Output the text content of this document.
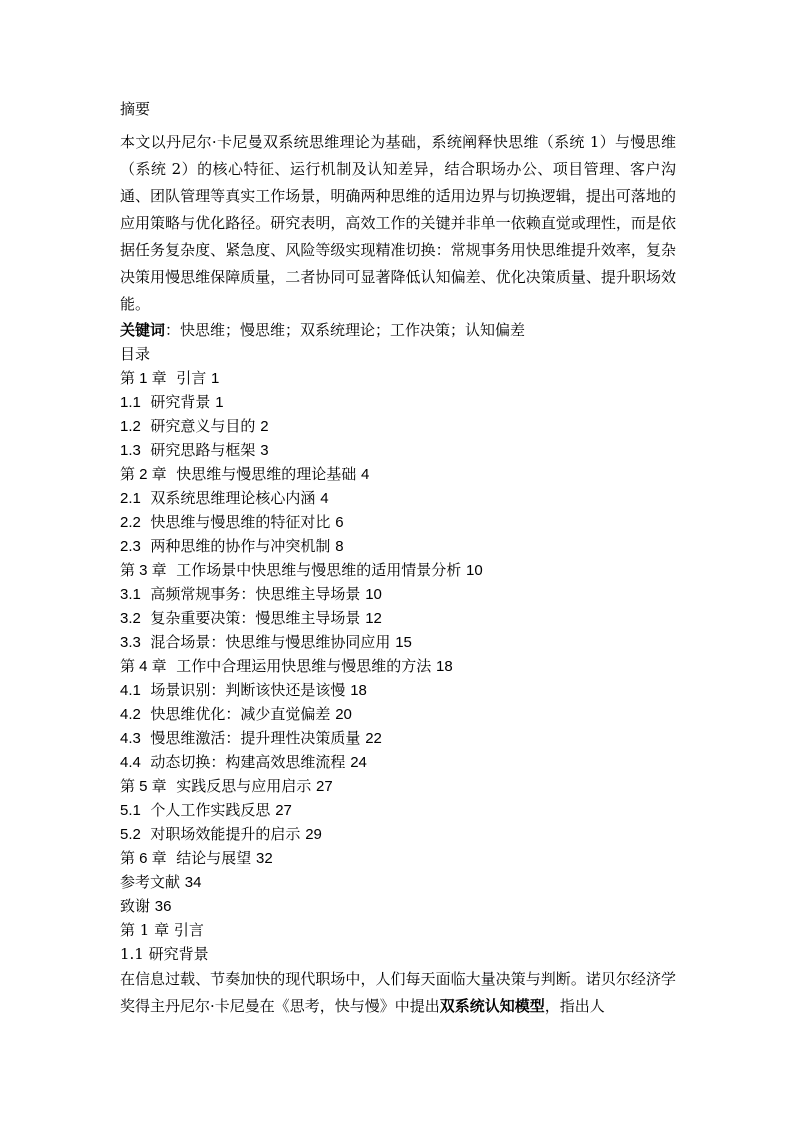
摘要

本文以丹尼尔·卡尼曼双系统思维理论为基础，系统阐释快思维（系统 1）与慢思维（系统 2）的核心特征、运行机制及认知差异，结合职场办公、项目管理、客户沟通、团队管理等真实工作场景，明确两种思维的适用边界与切换逻辑，提出可落地的应用策略与优化路径。研究表明，高效工作的关键并非单一依赖直觉或理性，而是依据任务复杂度、紧急度、风险等级实现精准切换：常规事务用快思维提升效率，复杂决策用慢思维保障质量，二者协同可显著降低认知偏差、优化决策质量、提升职场效能。

关键词：快思维；慢思维；双系统理论；工作决策；认知偏差
目录
第 1 章 引言 1
1.1 研究背景 1
1.2 研究意义与目的 2
1.3 研究思路与框架 3
第 2 章 快思维与慢思维的理论基础 4
2.1 双系统思维理论核心内涵 4
2.2 快思维与慢思维的特征对比 6
2.3 两种思维的协作与冲突机制 8
第 3 章 工作场景中快思维与慢思维的适用情景分析 10
3.1 高频常规事务：快思维主导场景 10
3.2 复杂重要决策：慢思维主导场景 12
3.3 混合场景：快思维与慢思维协同应用 15
第 4 章 工作中合理运用快思维与慢思维的方法 18
4.1 场景识别：判断该快还是该慢 18
4.2 快思维优化：减少直觉偏差 20
4.3 慢思维激活：提升理性决策质量 22
4.4 动态切换：构建高效思维流程 24
第 5 章 实践反思与应用启示 27
5.1 个人工作实践反思 27
5.2 对职场效能提升的启示 29
第 6 章 结论与展望 32
参考文献 34
致谢 36
第 1 章 引言
1.1 研究背景

在信息过载、节奏加快的现代职场中，人们每天面临大量决策与判断。诺贝尔经济学奖得主丹尼尔·卡尼曼在《思考，快与慢》中提出双系统认知模型，指出人
